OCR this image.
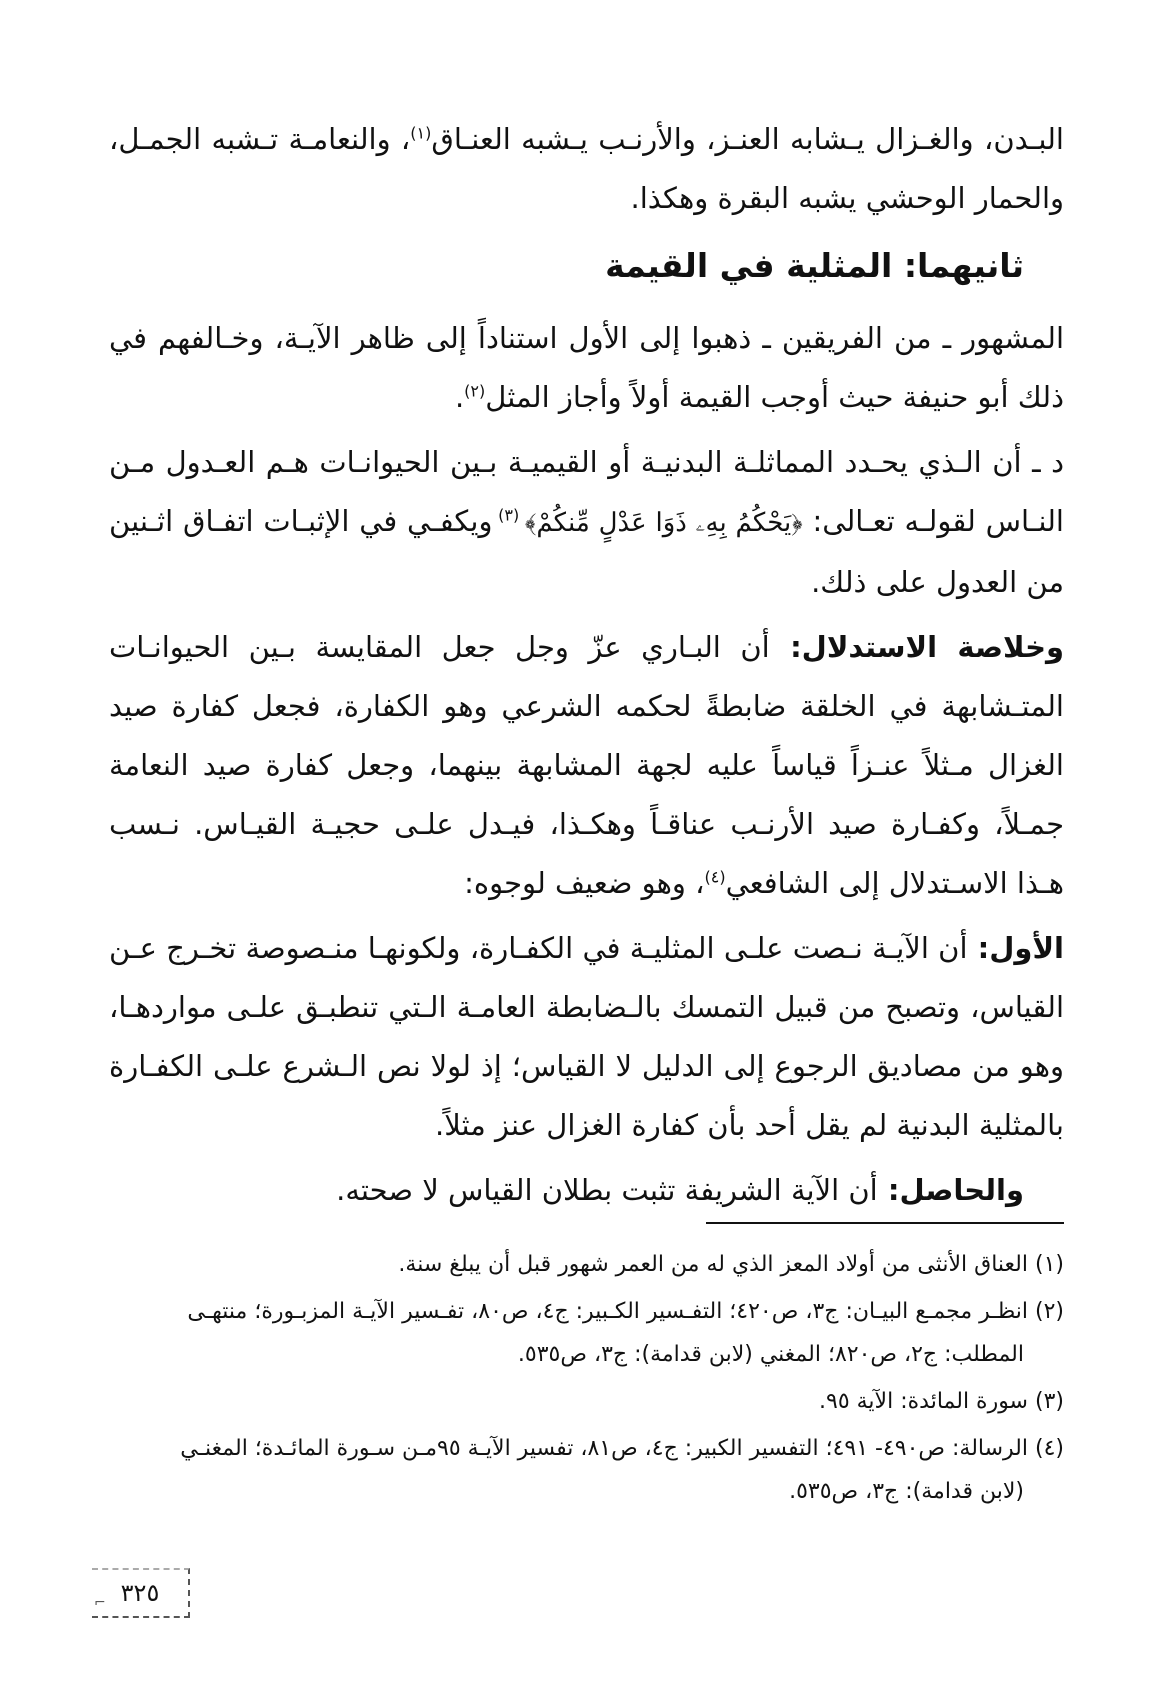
البـدن، والغـزال يـشابه العنـز، والأرنـب يـشبه العنـاق$^{(١)}$، والنعامـة تـشبه الجمـل، والحمار الوحشي يشبه البقرة وهكذا.

ثانيهما: المثلية في القيمة

المشهور ـ من الفريقين ـ ذهبوا إلى الأول استناداً إلى ظاهر الآيـة، وخـالفهم في ذلك أبو حنيفة حيث أوجب القيمة أولاً وأجاز المثل$^{(٢)}$.

د ـ أن الـذي يحـدد المماثلـة البدنيـة أو القيميـة بـين الحيوانـات هـم العـدول مـن النـاس لقولـه تعـالى: ﴿يَحْكُمُ بِهِۦ ذَوَا عَدْلٍ مِّنكُمْ﴾ $^{(٣)}$ ويكفـي في الإثبـات اتفـاق اثـنين من العدول على ذلك.

وخلاصة الاستدلال: أن البـاري عزّ وجل جعل المقايسة بـين الحيوانـات المتـشابهة في الخلقة ضابطةً لحكمه الشرعي وهو الكفارة، فجعل كفارة صيد الغزال مـثلاً عنـزاً قياساً عليه لجهة المشابهة بينهما، وجعل كفارة صيد النعامة جمـلاً، وكفـارة صيد الأرنـب عناقـاً وهكـذا، فيـدل علـى حجيـة القيـاس. نـسب هـذا الاسـتدلال إلى الشافعي$^{(٤)}$، وهو ضعيف لوجوه:

الأول: أن الآيـة نـصت علـى المثليـة في الكفـارة، ولكونهـا منـصوصة تخـرج عـن القياس، وتصبح من قبيل التمسك بالـضابطة العامـة الـتي تنطبـق علـى مواردهـا، وهو من مصاديق الرجوع إلى الدليل لا القياس؛ إذ لولا نص الـشرع علـى الكفـارة بالمثلية البدنية لم يقل أحد بأن كفارة الغزال عنز مثلاً.

والحاصل: أن الآية الشريفة تثبت بطلان القياس لا صحته.

(١) العناق الأنثى من أولاد المعز الذي له من العمر شهور قبل أن يبلغ سنة.

(٢) انظـر مجمـع البيـان: ج٣، ص٤٢٠؛ التفـسير الكـبير: ج٤، ص٨٠، تفـسير الآيـة المزبـورة؛ منتهـى
المطلب: ج٢، ص٨٢٠؛ المغني (لابن قدامة): ج٣، ص٥٣٥.

(٣) سورة المائدة: الآية ٩٥.

(٤) الرسالة: ص٤٩٠- ٤٩١؛ التفسير الكبير: ج٤، ص٨١، تفسير الآيـة ٩٥مـن سـورة المائـدة؛ المغنـي
(لابن قدامة): ج٣، ص٥٣٥.

٣٢٥
⌐
